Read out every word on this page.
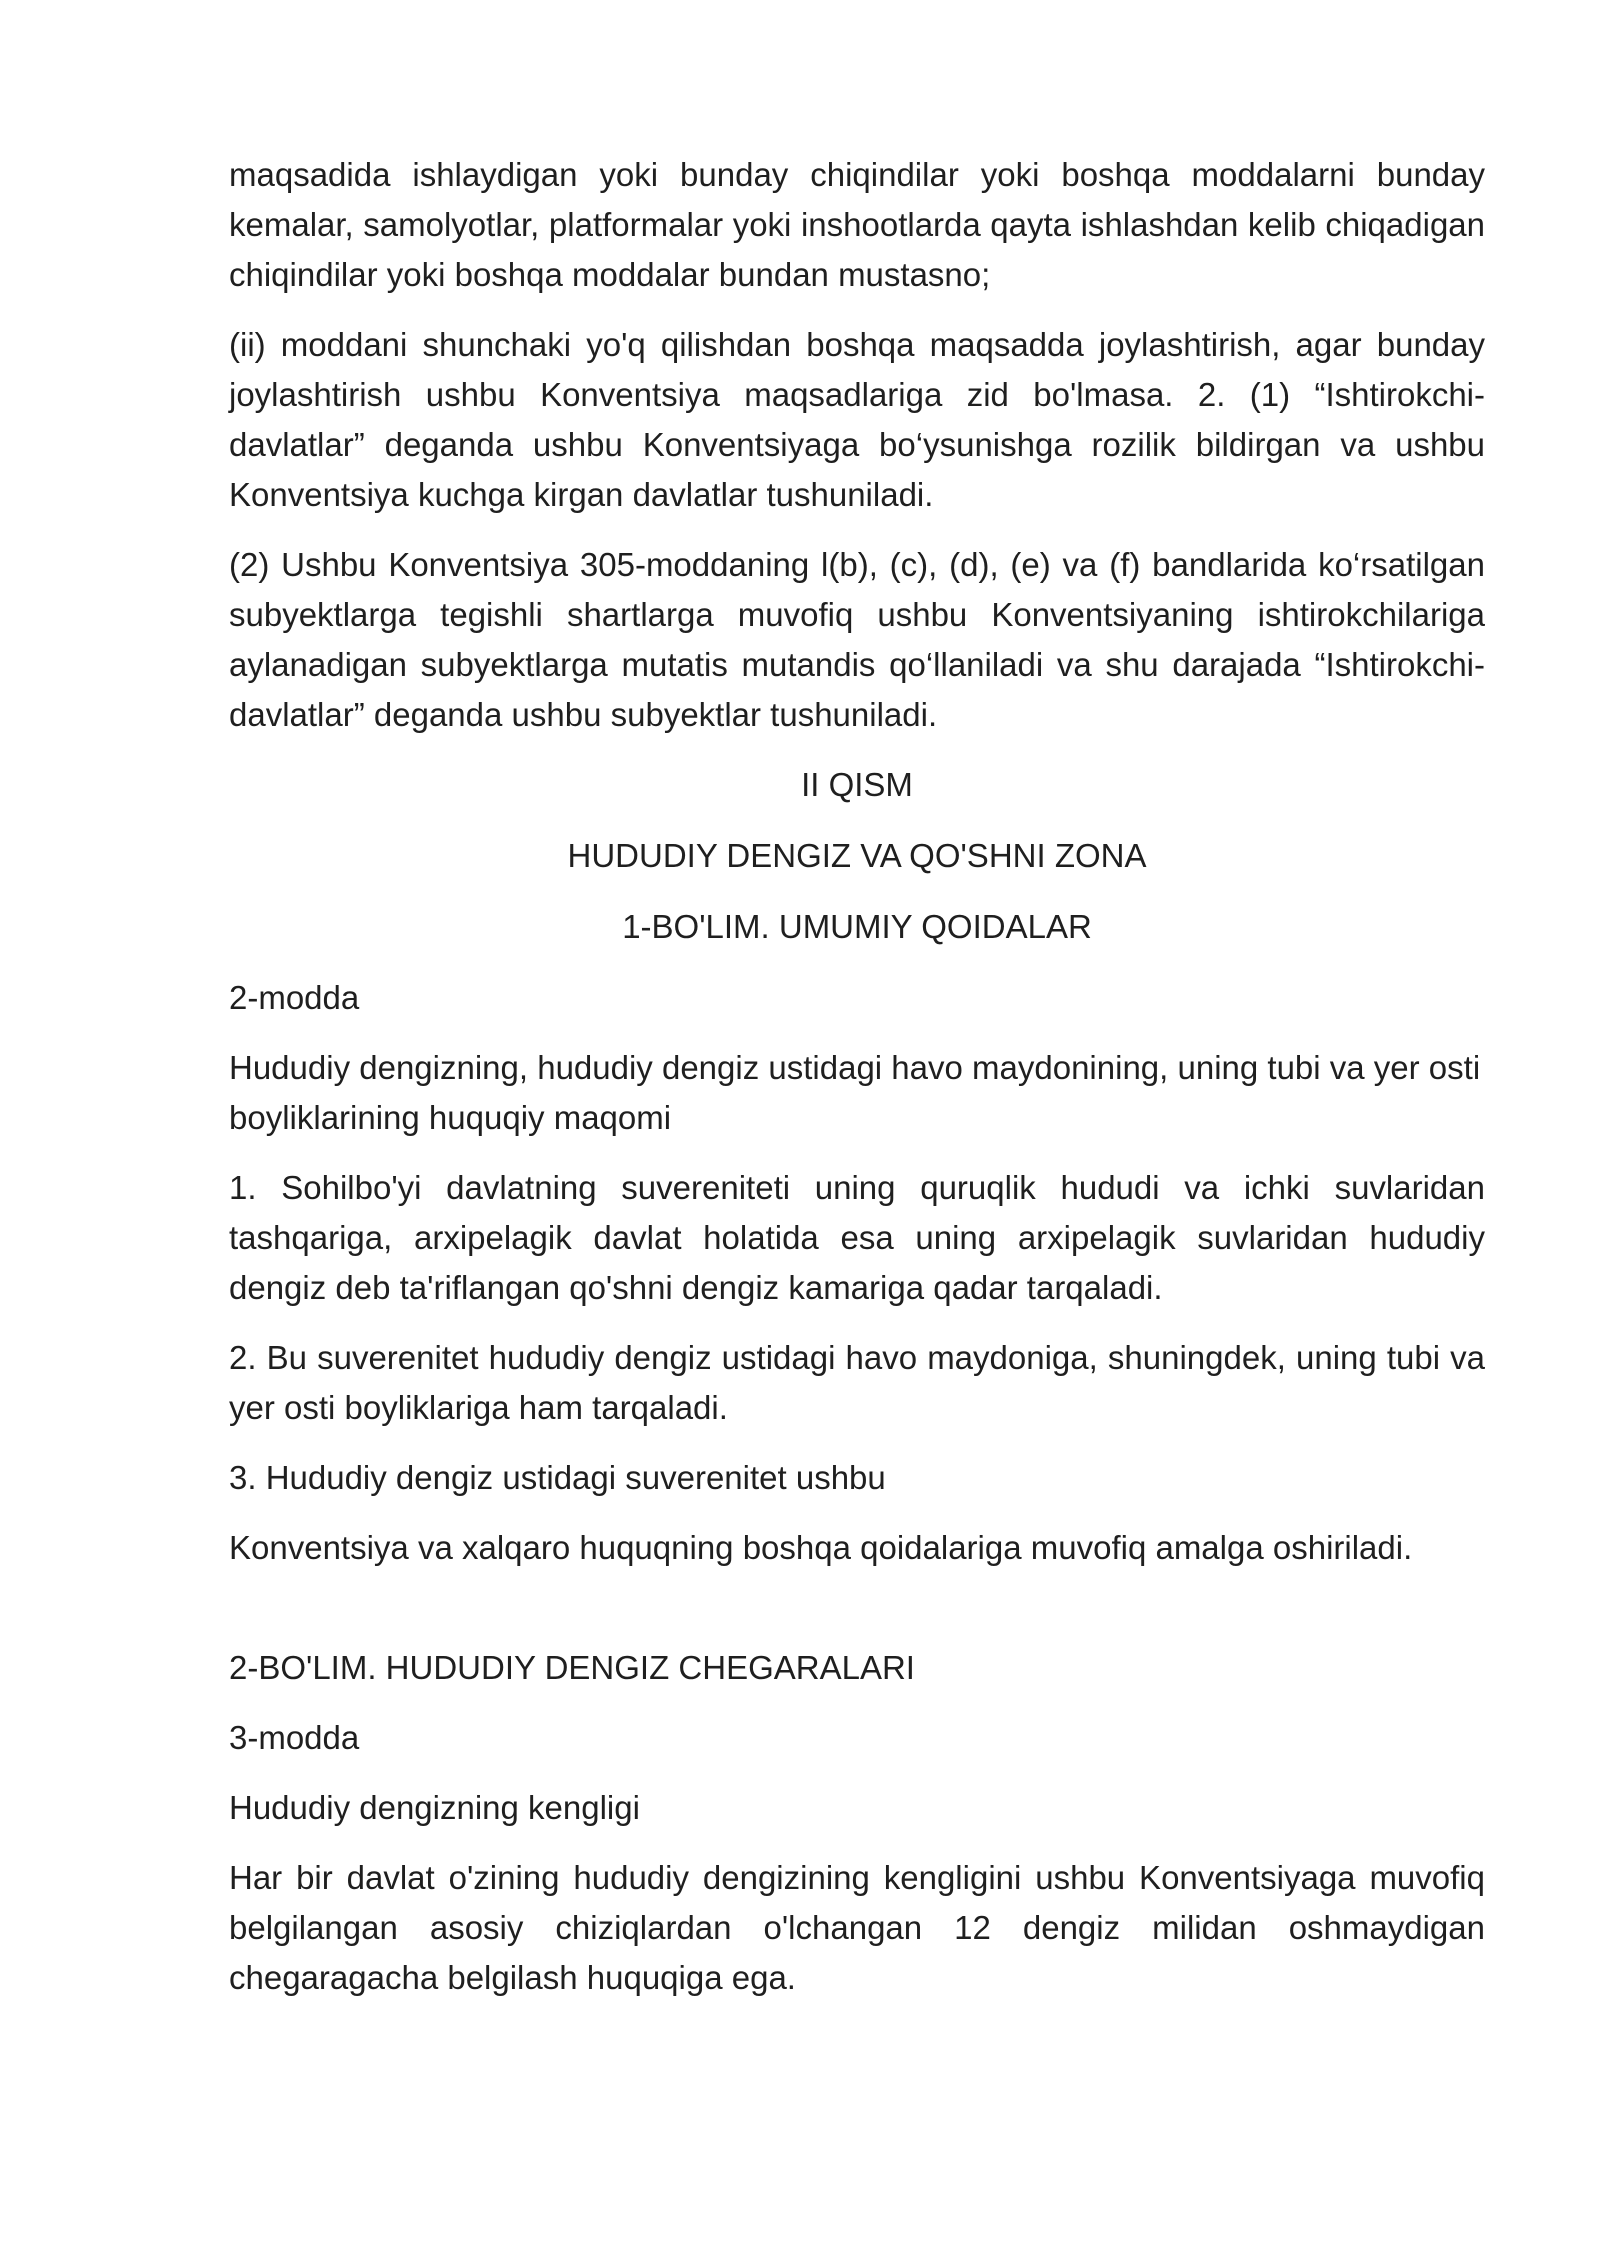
maqsadida ishlaydigan yoki bunday chiqindilar yoki boshqa moddalarni bunday kemalar, samolyotlar, platformalar yoki inshootlarda qayta ishlashdan kelib chiqadigan chiqindilar yoki boshqa moddalar bundan mustasno;

(ii) moddani shunchaki yo'q qilishdan boshqa maqsadda joylashtirish, agar bunday joylashtirish ushbu Konventsiya maqsadlariga zid bo'lmasa. 2. (1) “Ishtirokchi-davlatlar” deganda ushbu Konventsiyaga bo‘ysunishga rozilik bildirgan va ushbu Konventsiya kuchga kirgan davlatlar tushuniladi.

(2) Ushbu Konventsiya 305-moddaning l(b), (c), (d), (e) va (f) bandlarida ko‘rsatilgan subyektlarga tegishli shartlarga muvofiq ushbu Konventsiyaning ishtirokchilariga aylanadigan subyektlarga mutatis mutandis qo‘llaniladi va shu darajada “Ishtirokchi-davlatlar” deganda ushbu subyektlar tushuniladi.

II QISM

HUDUDIY DENGIZ VA QO'SHNI ZONA

1-BO'LIM. UMUMIY QOIDALAR

2-modda

Hududiy dengizning, hududiy dengiz ustidagi havo maydonining, uning tubi va yer osti boyliklarining huquqiy maqomi

1. Sohilbo'yi davlatning suvereniteti uning quruqlik hududi va ichki suvlaridan tashqariga, arxipelagik davlat holatida esa uning arxipelagik suvlaridan hududiy dengiz deb ta'riflangan qo'shni dengiz kamariga qadar tarqaladi.

2. Bu suverenitet hududiy dengiz ustidagi havo maydoniga, shuningdek, uning tubi va yer osti boyliklariga ham tarqaladi.

3. Hududiy dengiz ustidagi suverenitet ushbu

Konventsiya va xalqaro huquqning boshqa qoidalariga muvofiq amalga oshiriladi.

2-BO'LIM. HUDUDIY DENGIZ CHEGARALARI

3-modda

Hududiy dengizning kengligi

Har bir davlat o'zining hududiy dengizining kengligini ushbu Konventsiyaga muvofiq belgilangan asosiy chiziqlardan o'lchangan 12 dengiz milidan oshmaydigan chegaragacha belgilash huquqiga ega.
